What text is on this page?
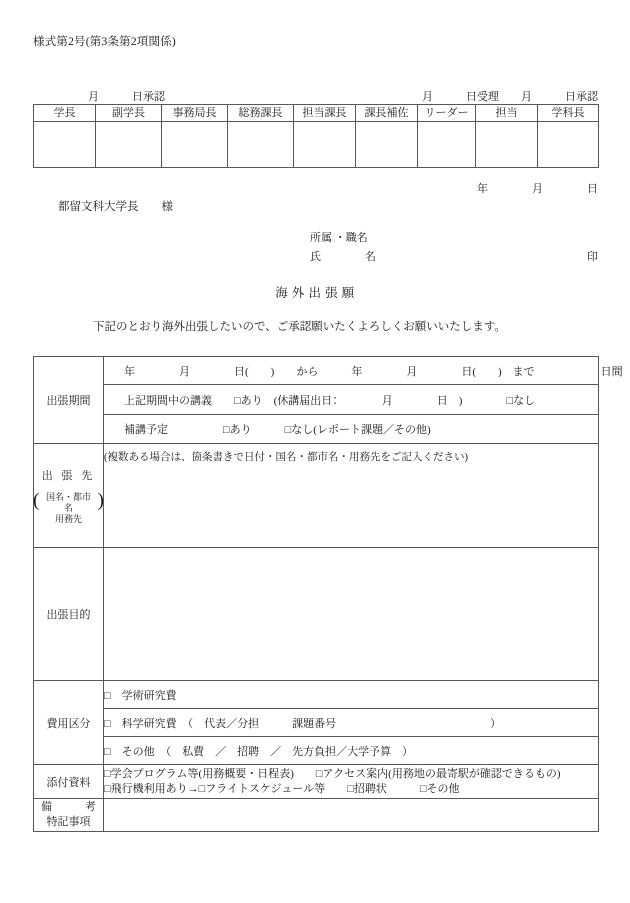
様式第2号(第3条第2項関係)
月　　　日承認	月　　　日受理　　月　　　日承認
学長	副学長	事務局長	総務課長	担当課長	課長補佐	リーダー	担当	学科長

年　　　　月　　　　日
都留文科大学長　　様
所属 ・職名
氏　　　　名	印
海 外 出 張 願
下記のとおり海外出張したいので、ご承認願いたくよろしくお願いいたします。
出張期間	年　　　　月　　　　日(　　)　　から　　　年　　　　月　　　　日(　　)　まで　　　　　　日間

	上記期間中の講義　　□あり　(休講届出日：　　　　月　　　　日　)　　　　□なし

	補講予定　　　　　□あり　　　□なし(レポート課題／その他)

出 張 先
( 国名・都市名
用務先
)	(複数ある場合は、箇条書きで日付・国名・都市名・用務先をご記入ください)

出張目的	
費用区分	□　学術研究費
	□　科学研究費　（　代表／分担　　　課題番号　　　　　　　　　　　　　　）
	□　その他　（　私費　／　招聘　／　先方負担／大学予算　）
添付資料	□学会プログラム等(用務概要・日程表)　　□アクセス案内(用務地の最寄駅が確認できるもの)
□飛行機利用あり→□フライトスケジュール等　　□招聘状　　　□その他

備　　　考
特記事項	
